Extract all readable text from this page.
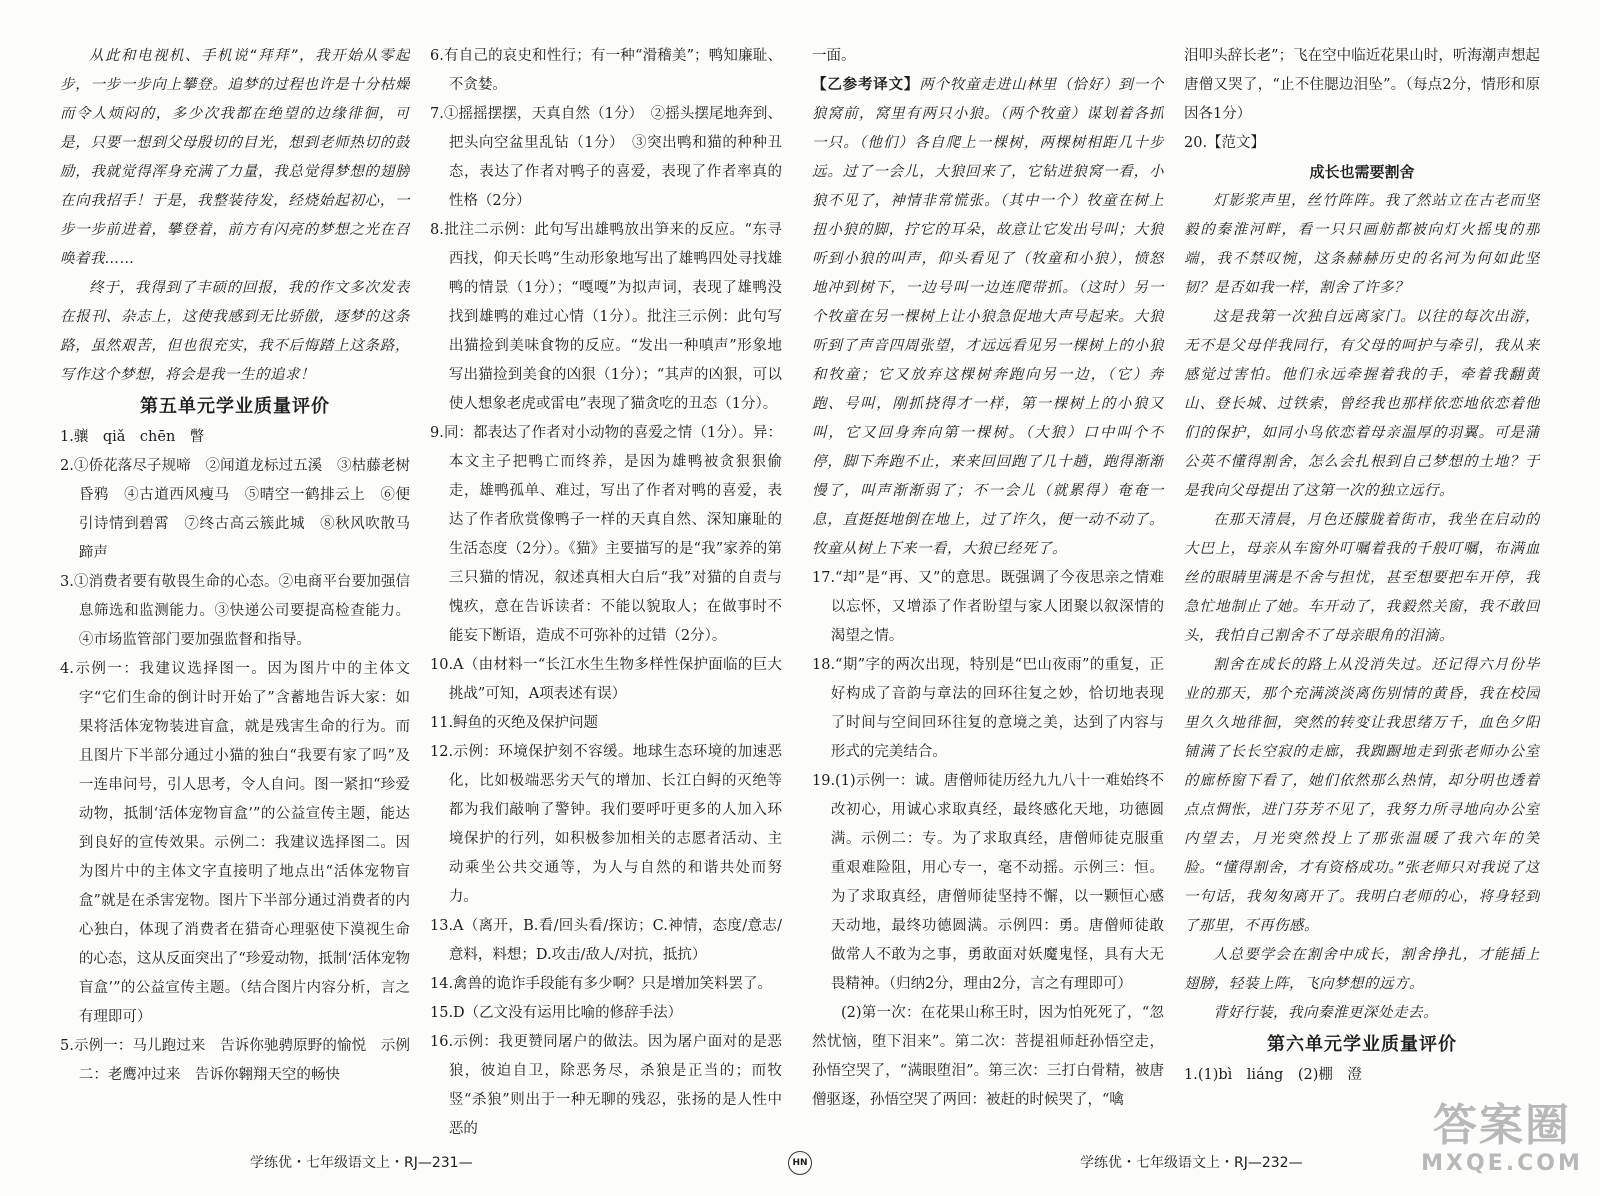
从此和电视机、手机说“拜拜”，我开始从零起步，一步一步向上攀登。追梦的过程也许是十分枯燥而令人烦闷的，多少次我都在绝望的边缘徘徊，可是，只要一想到父母殷切的目光，想到老师热切的鼓励，我就觉得浑身充满了力量，我总觉得梦想的翅膀在向我招手！于是，我整装待发，经烧始起初心，一步一步前进着，攀登着，前方有闪亮的梦想之光在召唤着我……

终于，我得到了丰硕的回报，我的作文多次发表在报刊、杂志上，这使我感到无比骄傲，逐梦的这条路，虽然艰苦，但也很充实，我不后悔踏上这条路，写作这个梦想，将会是我一生的追求！

第五单元学业质量评价

1.骧　qiǎ　chēn　瞥

2.①侨花落尽子规啼　②闻道龙标过五溪　③枯藤老树昏鸦　④古道西风瘦马　⑤晴空一鹤排云上　⑥便引诗情到碧霄　⑦终古高云簇此城　⑧秋风吹散马蹄声

3.①消费者要有敬畏生命的心态。②电商平台要加强信息筛选和监测能力。③快递公司要提高检查能力。④市场监管部门要加强监督和指导。

4.示例一：我建议选择图一。因为图片中的主体文字“它们生命的倒计时开始了”含蓄地告诉大家：如果将活体宠物装进盲盒，就是残害生命的行为。而且图片下半部分通过小猫的独白“我要有家了吗”及一连串问号，引人思考，令人自问。图一紧扣“珍爱动物，抵制‘活体宠物盲盒’”的公益宣传主题，能达到良好的宣传效果。示例二：我建议选择图二。因为图片中的主体文字直接明了地点出“活体宠物盲盒”就是在杀害宠物。图片下半部分通过消费者的内心独白，体现了消费者在猎奇心理驱使下漠视生命的心态，这从反面突出了“珍爱动物，抵制‘活体宠物盲盒’”的公益宣传主题。（结合图片内容分析，言之有理即可）

5.示例一：马儿跑过来　告诉你驰骋原野的愉悦　示例二：老鹰冲过来　告诉你翱翔天空的畅快

6.有自己的哀史和性行；有一种“滑稽美”；鸭知廉耻、不贪婪。

7.①摇摇摆摆，天真自然（1分）　②摇头摆尾地奔到、把头向空盆里乱钻（1分）　③突出鸭和猫的种种丑态，表达了作者对鸭子的喜爱，表现了作者率真的性格（2分）

8.批注二示例：此句写出雄鸭放出笋来的反应。“东寻西找，仰天长鸣”生动形象地写出了雄鸭四处寻找雄鸭的情景（1分）；“嘎嘎”为拟声词，表现了雄鸭没找到雄鸭的难过心情（1分）。批注三示例：此句写出猫捡到美味食物的反应。“发出一种嗔声”形象地写出猫捡到美食的凶狠（1分）；“其声的凶狠，可以使人想象老虎或雷电”表现了猫贪吃的丑态（1分）。

9.同：都表达了作者对小动物的喜爱之情（1分）。异：本文主子把鸭亡而终养，是因为雄鸭被贪狠狠偷走，雄鸭孤单、难过，写出了作者对鸭的喜爱，表达了作者欣赏像鸭子一样的天真自然、深知廉耻的生活态度（2分）。《猫》主要描写的是“我”家养的第三只猫的情况，叙述真相大白后“我”对猫的自责与愧疚，意在告诉读者：不能以貌取人；在做事时不能妄下断语，造成不可弥补的过错（2分）。

10.A（由材料一“长江水生生物多样性保护面临的巨大挑战”可知，A项表述有误）

11.鲟鱼的灭绝及保护问题

12.示例：环境保护刻不容缓。地球生态环境的加速恶化，比如极端恶劣天气的增加、长江白鲟的灭绝等都为我们敲响了警钟。我们要呼吁更多的人加入环境保护的行列，如积极参加相关的志愿者活动、主动乘坐公共交通等，为人与自然的和谐共处而努力。

13.A（离开，B.看/回头看/探访；C.神情，态度/意志/意料，料想；D.攻击/敌人/对抗，抵抗）

14.禽兽的诡诈手段能有多少啊？只是增加笑料罢了。

15.D（乙文没有运用比喻的修辞手法）

16.示例：我更赞同屠户的做法。因为屠户面对的是恶狼，彼迫自卫，除恶务尽，杀狼是正当的；而牧竖“杀狼”则出于一种无聊的残忍，张扬的是人性中恶的

一面。

【乙参考译文】两个牧童走进山林里（恰好）到一个狼窝前，窝里有两只小狼。（两个牧童）谋划着各抓一只。（他们）各自爬上一棵树，两棵树相距几十步远。过了一会儿，大狼回来了，它钻进狼窝一看，小狼不见了，神情非常慌张。（其中一个）牧童在树上扭小狼的脚，拧它的耳朵，故意让它发出号叫；大狼听到小狼的叫声，仰头看见了（牧童和小狼），愤怒地冲到树下，一边号叫一边连爬带抓。（这时）另一个牧童在另一棵树上让小狼急促地大声号起来。大狼听到了声音四周张望，才远远看见另一棵树上的小狼和牧童；它又放弃这棵树奔跑向另一边，（它）奔跑、号叫，刚抓挠得才一样，第一棵树上的小狼又叫，它又回身奔向第一棵树。（大狼）口中叫个不停，脚下奔跑不止，来来回回跑了几十趟，跑得渐渐慢了，叫声渐渐弱了；不一会儿（就累得）奄奄一息，直挺挺地倒在地上，过了许久，便一动不动了。牧童从树上下来一看，大狼已经死了。

17.“却”是“再、又”的意思。既强调了今夜思亲之情难以忘怀，又增添了作者盼望与家人团聚以叙深情的渴望之情。

18.“期”字的两次出现，特别是“巴山夜雨”的重复，正好构成了音韵与章法的回环往复之妙，恰切地表现了时间与空间回环往复的意境之美，达到了内容与形式的完美结合。

19.(1)示例一：诚。唐僧师徒历经九九八十一难始终不改初心，用诚心求取真经，最终感化天地，功德圆满。示例二：专。为了求取真经，唐僧师徒克服重重艰难险阻，用心专一，毫不动摇。示例三：恒。为了求取真经，唐僧师徒坚持不懈，以一颗恒心感天动地，最终功德圆满。示例四：勇。唐僧师徒敢做常人不敢为之事，勇敢面对妖魔鬼怪，具有大无畏精神。（归纳2分，理由2分，言之有理即可）

(2)第一次：在花果山称王时，因为怕死死了，“忽然忧恼，堕下泪来”。第二次：菩提祖师赶孙悟空走，孙悟空哭了，“满眼堕泪”。第三次：三打白骨精，被唐僧驱逐，孙悟空哭了两回：被赶的时候哭了，“噙

泪叩头辞长老”；飞在空中临近花果山时，听海潮声想起唐僧又哭了，“止不住腮边泪坠”。（每点2分，情形和原因各1分）

20.【范文】

成长也需要割舍

灯影浆声里，丝竹阵阵。我了然站立在古老而坚毅的秦淮河畔，看一只只画舫都被向灯火摇曳的那端，我不禁叹惋，这条赫赫历史的名河为何如此坚韧？是否如我一样，割舍了许多？

这是我第一次独自远离家门。以往的每次出游，无不是父母伴我同行，有父母的呵护与牵引，我从来感觉过害怕。他们永远牵握着我的手，牵着我翻黄山、登长城、过铁索，曾经我也那样依恋地依恋着他们的保护，如同小鸟依恋着母亲温厚的羽翼。可是蒲公英不懂得割舍，怎么会扎根到自己梦想的土地？于是我向父母提出了这第一次的独立远行。

在那天清晨，月色还朦胧着街市，我坐在启动的大巴上，母亲从车窗外叮嘱着我的千般叮嘱，布满血丝的眼睛里满是不舍与担忧，甚至想要把车开停，我急忙地制止了她。车开动了，我毅然关窗，我不敢回头，我怕自己割舍不了母亲眼角的泪滴。

割舍在成长的路上从没消失过。还记得六月份毕业的那天，那个充满淡淡离伤别情的黄昏，我在校园里久久地徘徊，突然的转变让我思绪万千，血色夕阳铺满了长长空寂的走廊，我踟蹰地走到张老师办公室的廊桥窗下看了，她们依然那么热情，却分明也透着点点惆怅，进门芬芳不见了，我努力所寻地向办公室内望去，月光突然投上了那张温暖了我六年的笑脸。“懂得割舍，才有资格成功。”张老师只对我说了这一句话，我匆匆离开了。我明白老师的心，将身轻到了那里，不再伤感。

人总要学会在割舍中成长，割舍挣扎，才能插上翅膀，轻装上阵，飞向梦想的远方。

背好行装，我向秦淮更深处走去。

第六单元学业质量评价

1.(1)bì　liáng　(2)棚　澄

学练优・七年级语文上・RJ—231—	HN	学练优・七年级语文上・RJ—232—
答案圈
MXQE.COM
